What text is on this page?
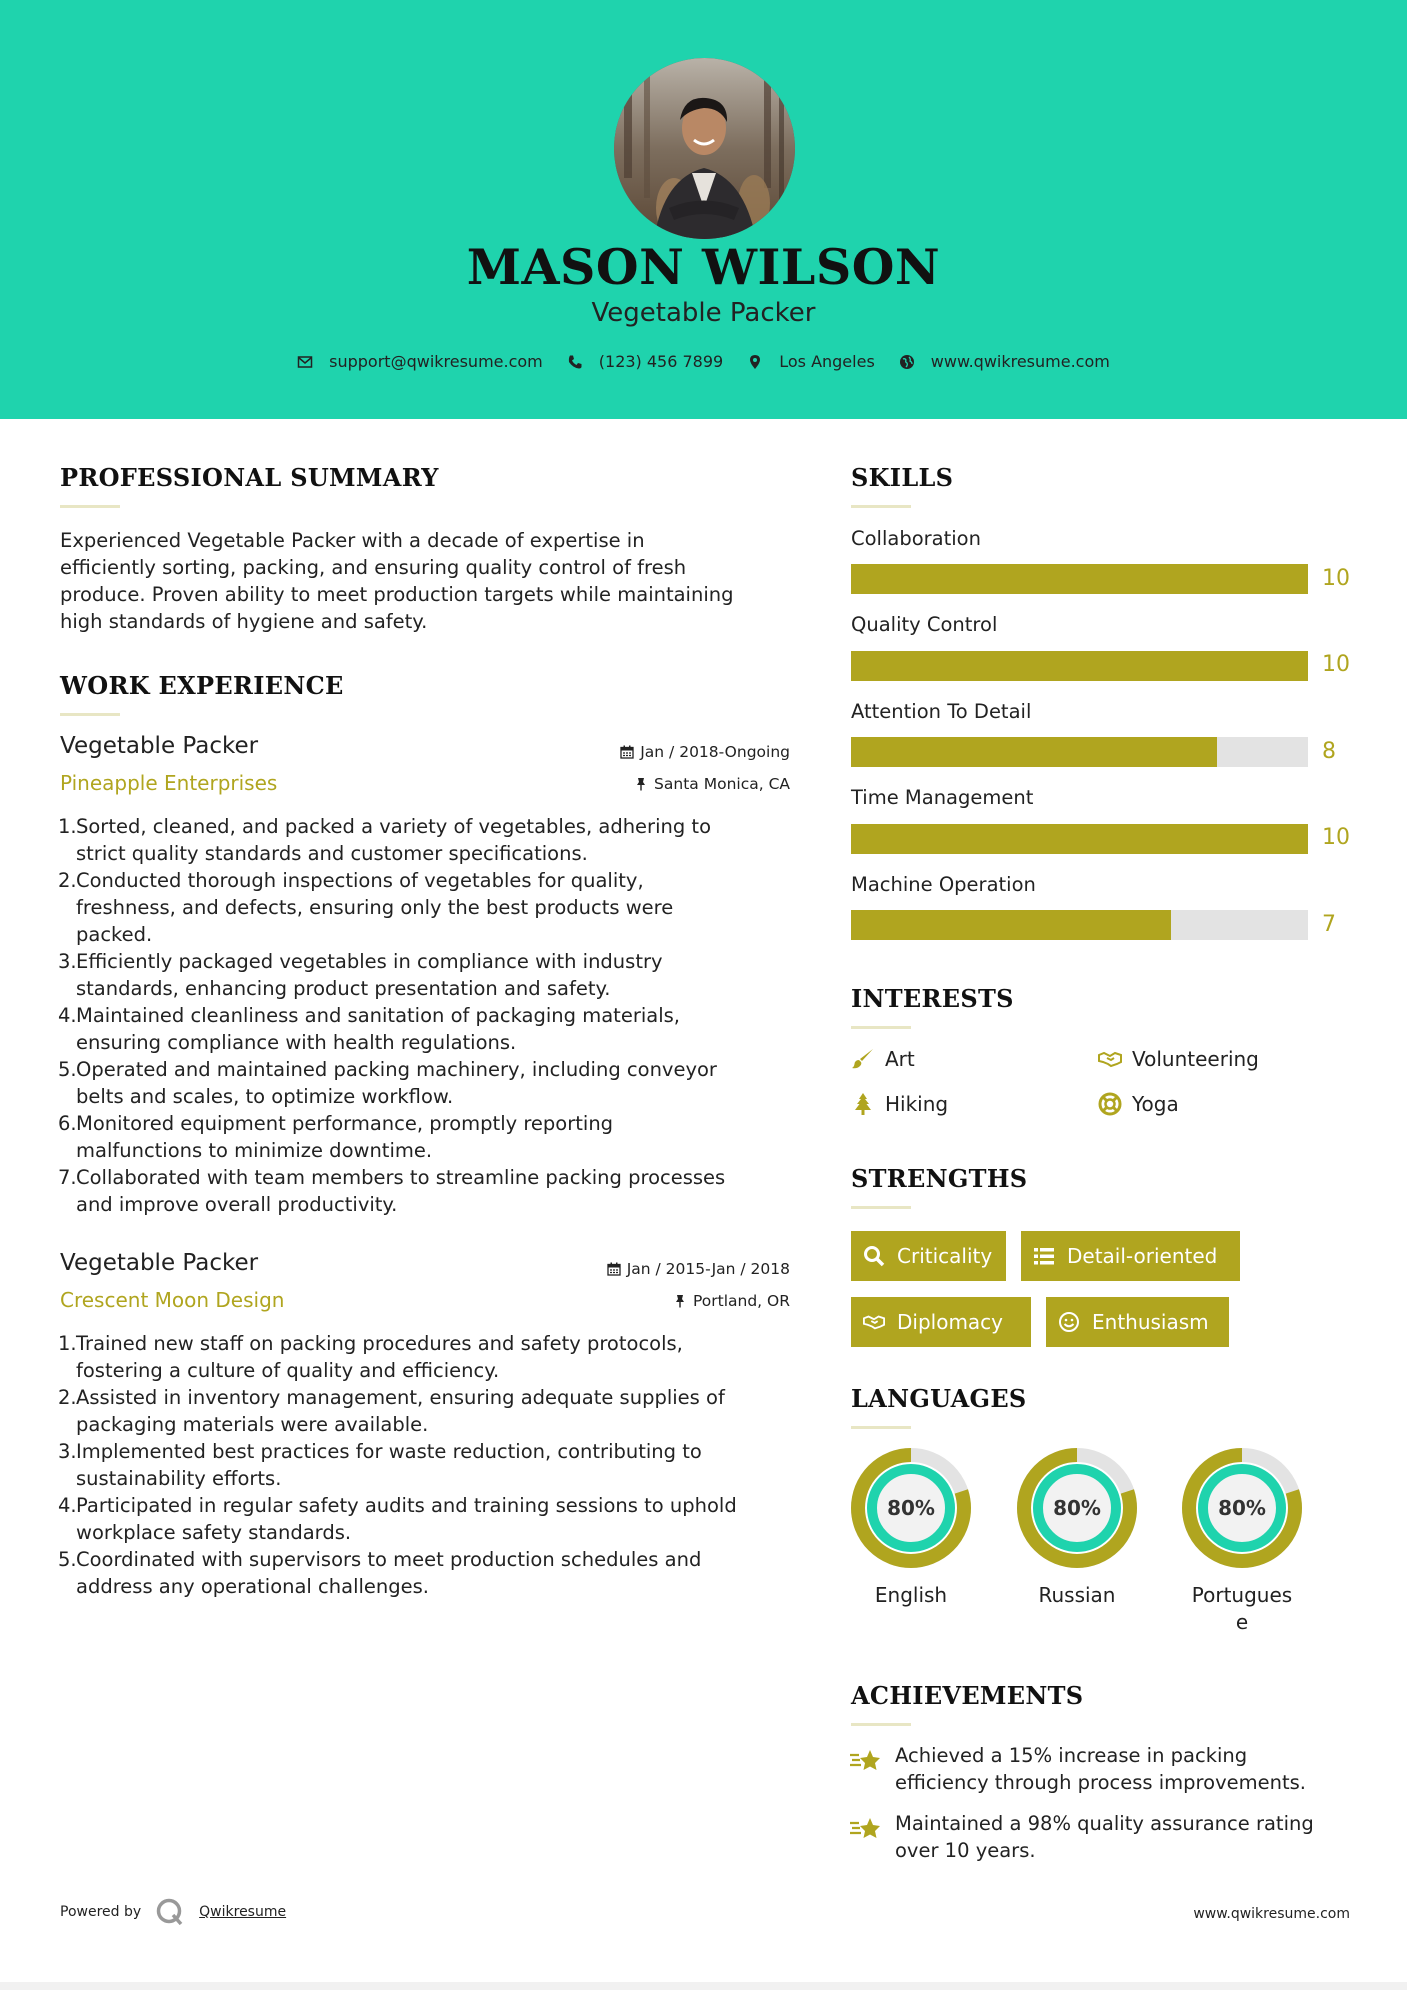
MASON WILSON
Vegetable Packer
support@qwikresume.com	(123) 456 7899	Los Angeles	www.qwikresume.com
PROFESSIONAL SUMMARY
Experienced Vegetable Packer with a decade of expertise in
efficiently sorting, packing, and ensuring quality control of fresh
produce. Proven ability to meet production targets while maintaining
high standards of hygiene and safety.
WORK EXPERIENCE
Vegetable Packer
Pineapple Enterprises
Jan / 2018-Ongoing
Santa Monica, CA
1. Sorted, cleaned, and packed a variety of vegetables, adhering to
strict quality standards and customer specifications.
2. Conducted thorough inspections of vegetables for quality,
freshness, and defects, ensuring only the best products were
packed.
3. Efficiently packaged vegetables in compliance with industry
standards, enhancing product presentation and safety.
4. Maintained cleanliness and sanitation of packaging materials,
ensuring compliance with health regulations.
5. Operated and maintained packing machinery, including conveyor
belts and scales, to optimize workflow.
6. Monitored equipment performance, promptly reporting
malfunctions to minimize downtime.
7. Collaborated with team members to streamline packing processes
and improve overall productivity.
Vegetable Packer
Crescent Moon Design
Jan / 2015-Jan / 2018
Portland, OR
1. Trained new staff on packing procedures and safety protocols,
fostering a culture of quality and efficiency.
2. Assisted in inventory management, ensuring adequate supplies of
packaging materials were available.
3. Implemented best practices for waste reduction, contributing to
sustainability efforts.
4. Participated in regular safety audits and training sessions to uphold
workplace safety standards.
5. Coordinated with supervisors to meet production schedules and
address any operational challenges.
SKILLS
Collaboration
10
Quality Control
10
Attention To Detail
8
Time Management
10
Machine Operation
7
INTERESTS
Art	Volunteering
Hiking	Yoga
STRENGTHS
Criticality	Detail-oriented
Diplomacy	Enthusiasm
LANGUAGES
80%
English
80%
Russian
80%
Portugues
e
ACHIEVEMENTS
Achieved a 15% increase in packing
efficiency through process improvements.
Maintained a 98% quality assurance rating
over 10 years.
Powered by	Qwikresume	www.qwikresume.com
